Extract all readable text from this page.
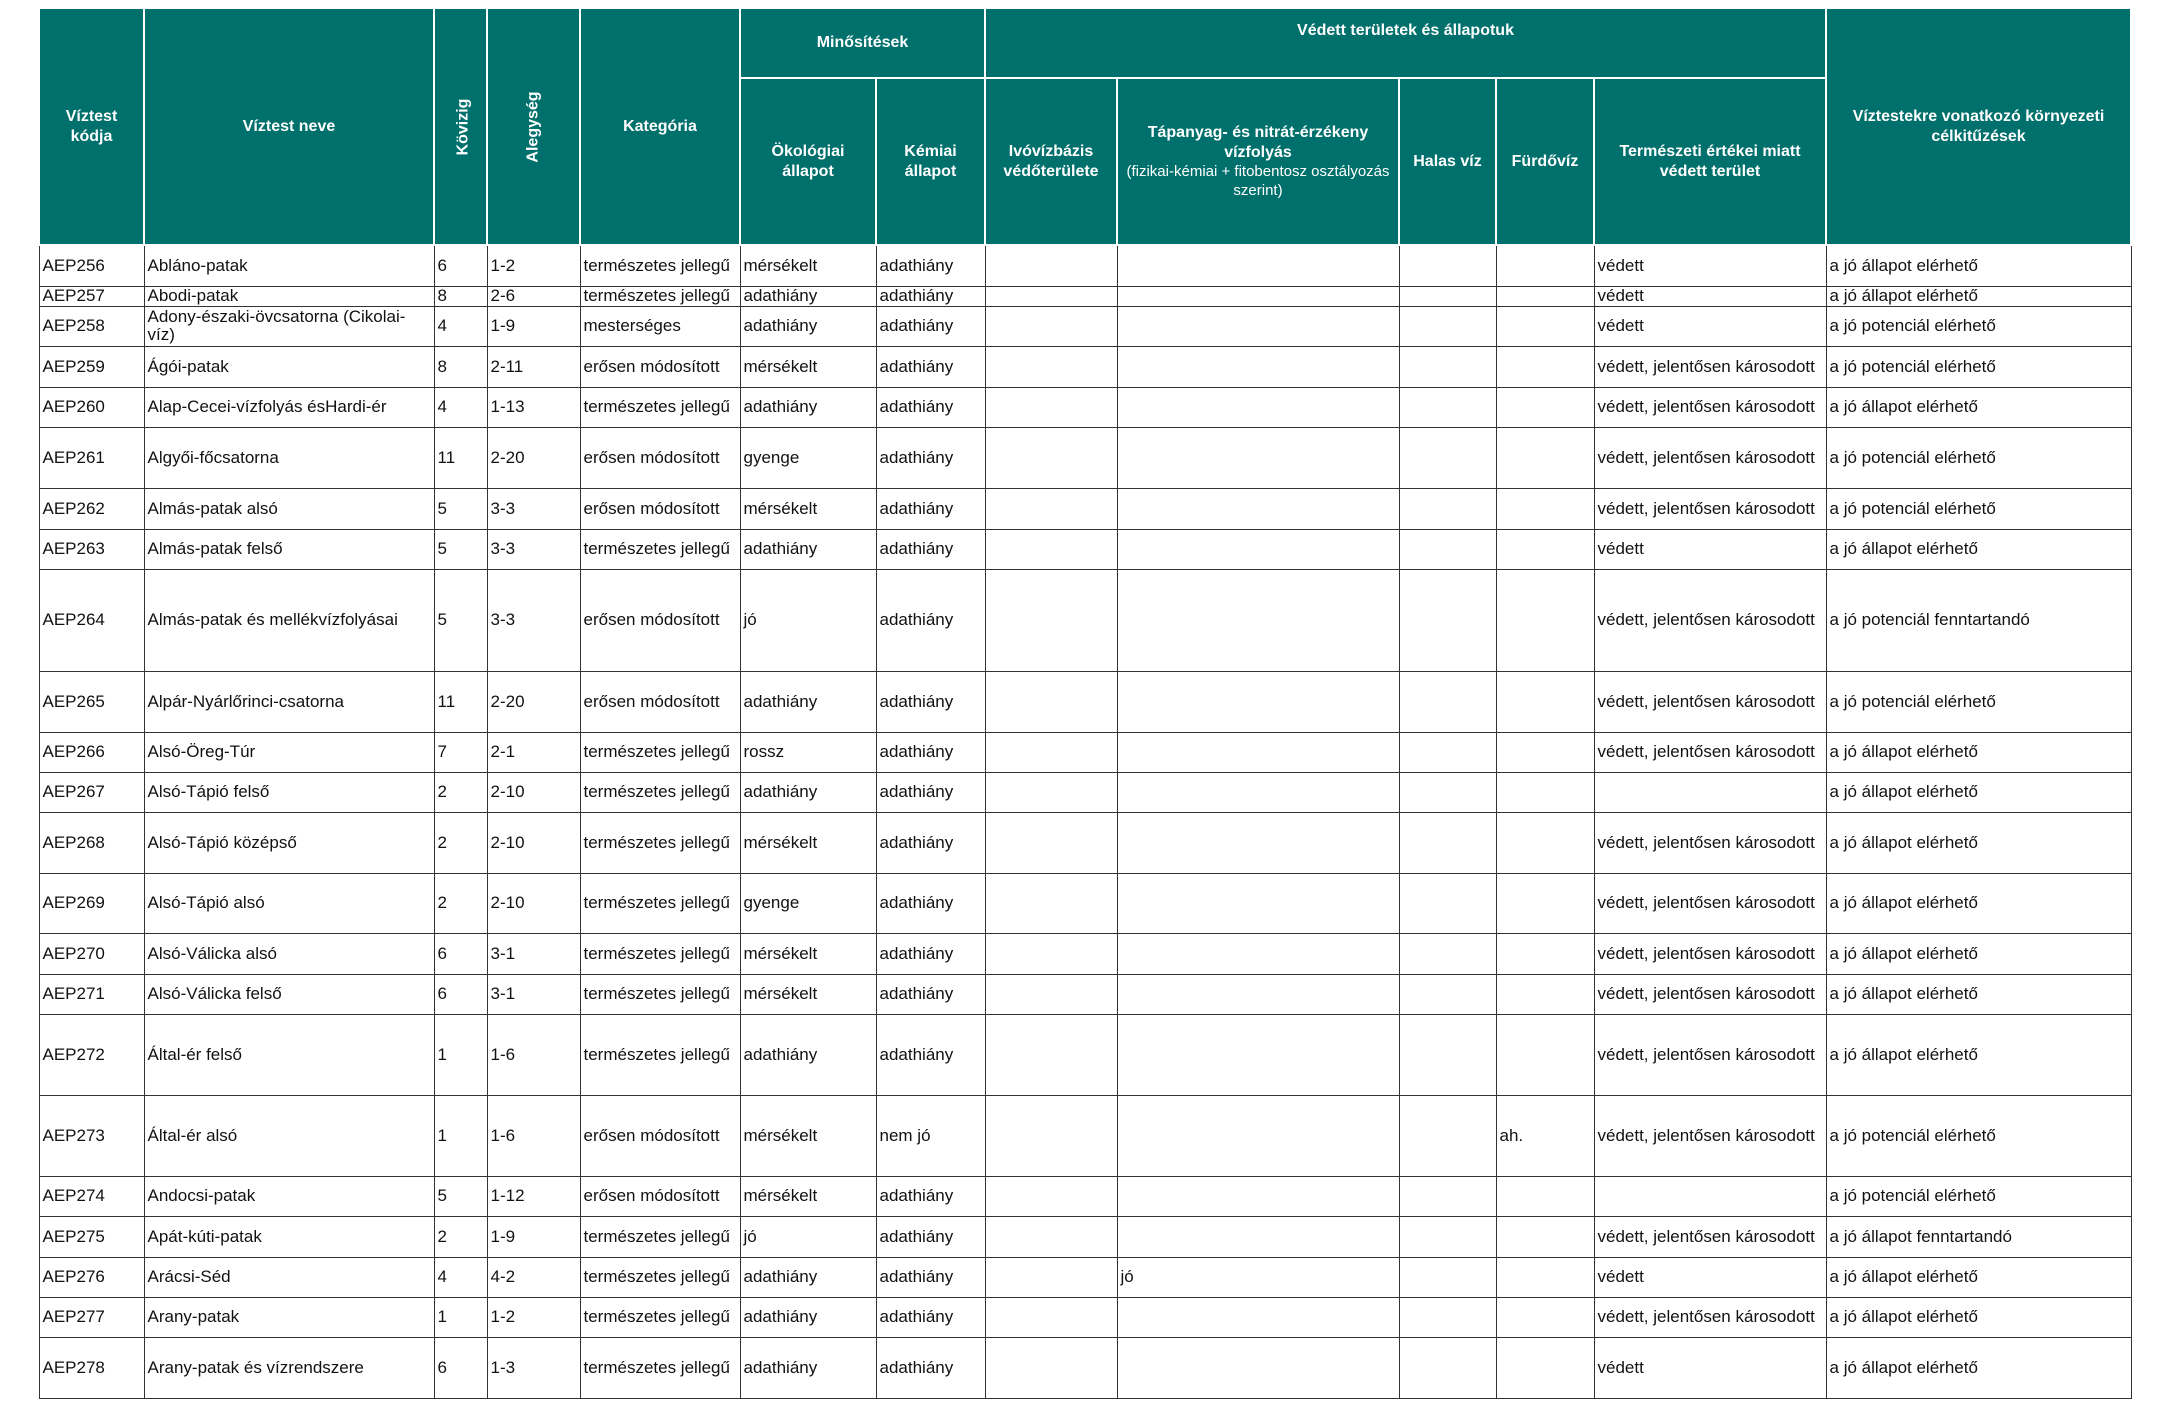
Víztest kódja	Víztest neve	Kövizig	Alegység	Kategória	Minősítések		Védett területek és állapotuk					Víztestekre vonatkozó környezeti célkitűzések
					Ökológiai állapot	Kémiai állapot	Ivóvízbázis védőterülete	Tápanyag- és nitrát-érzékeny vízfolyás
(fizikai-kémiai + fitobentosz osztályozás szerint)	Halas víz	Fürdővíz	Természeti értékei miatt védett terület	
AEP256	Abláno-patak	6	1-2	természetes jellegű	mérsékelt	adathiány					védett	a jó állapot elérhető
AEP257	Abodi-patak	8	2-6	természetes jellegű	adathiány	adathiány					védett	a jó állapot elérhető
AEP258	Adony-északi-övcsatorna (Cikolai-víz)	4	1-9	mesterséges	adathiány	adathiány					védett	a jó potenciál elérhető
AEP259	Ágói-patak	8	2-11	erősen módosított	mérsékelt	adathiány					védett, jelentősen károsodott	a jó potenciál elérhető
AEP260	Alap-Cecei-vízfolyás ésHardi-ér	4	1-13	természetes jellegű	adathiány	adathiány					védett, jelentősen károsodott	a jó állapot elérhető
AEP261	Algyői-főcsatorna	11	2-20	erősen módosított	gyenge	adathiány					védett, jelentősen károsodott	a jó potenciál elérhető
AEP262	Almás-patak alsó	5	3-3	erősen módosított	mérsékelt	adathiány					védett, jelentősen károsodott	a jó potenciál elérhető
AEP263	Almás-patak felső	5	3-3	természetes jellegű	adathiány	adathiány					védett	a jó állapot elérhető
AEP264	Almás-patak és mellékvízfolyásai	5	3-3	erősen módosított	jó	adathiány					védett, jelentősen károsodott	a jó potenciál fenntartandó
AEP265	Alpár-Nyárlőrinci-csatorna	11	2-20	erősen módosított	adathiány	adathiány					védett, jelentősen károsodott	a jó potenciál elérhető
AEP266	Alsó-Öreg-Túr	7	2-1	természetes jellegű	rossz	adathiány					védett, jelentősen károsodott	a jó állapot elérhető
AEP267	Alsó-Tápió felső	2	2-10	természetes jellegű	adathiány	adathiány						a jó állapot elérhető
AEP268	Alsó-Tápió középső	2	2-10	természetes jellegű	mérsékelt	adathiány					védett, jelentősen károsodott	a jó állapot elérhető
AEP269	Alsó-Tápió alsó	2	2-10	természetes jellegű	gyenge	adathiány					védett, jelentősen károsodott	a jó állapot elérhető
AEP270	Alsó-Válicka alsó	6	3-1	természetes jellegű	mérsékelt	adathiány					védett, jelentősen károsodott	a jó állapot elérhető
AEP271	Alsó-Válicka felső	6	3-1	természetes jellegű	mérsékelt	adathiány					védett, jelentősen károsodott	a jó állapot elérhető
AEP272	Által-ér felső	1	1-6	természetes jellegű	adathiány	adathiány					védett, jelentősen károsodott	a jó állapot elérhető
AEP273	Által-ér alsó	1	1-6	erősen módosított	mérsékelt	nem jó				ah.	védett, jelentősen károsodott	a jó potenciál elérhető
AEP274	Andocsi-patak	5	1-12	erősen módosított	mérsékelt	adathiány						a jó potenciál elérhető
AEP275	Apát-kúti-patak	2	1-9	természetes jellegű	jó	adathiány					védett, jelentősen károsodott	a jó állapot fenntartandó
AEP276	Arácsi-Séd	4	4-2	természetes jellegű	adathiány	adathiány		jó			védett	a jó állapot elérhető
AEP277	Arany-patak	1	1-2	természetes jellegű	adathiány	adathiány					védett, jelentősen károsodott	a jó állapot elérhető
AEP278	Arany-patak és vízrendszere	6	1-3	természetes jellegű	adathiány	adathiány					védett	a jó állapot elérhető
